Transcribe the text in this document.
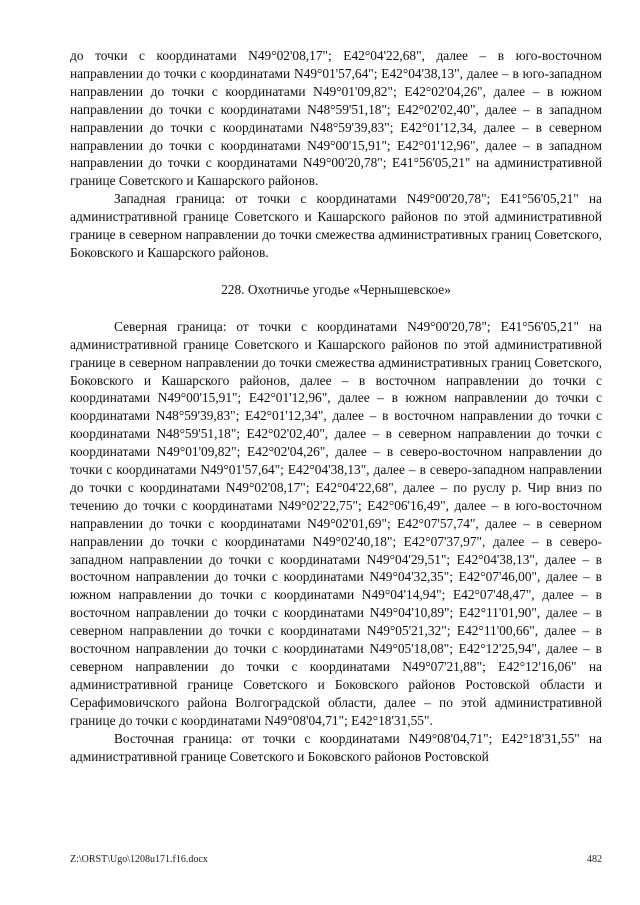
до точки с координатами N49°02'08,17"; E42°04'22,68", далее – в юго-восточном направлении до точки с координатами N49°01'57,64"; E42°04'38,13", далее – в юго-западном направлении до точки с координатами N49°01'09,82"; E42°02'04,26", далее – в южном направлении до точки с координатами N48°59'51,18"; E42°02'02,40", далее – в западном направлении до точки с координатами N48°59'39,83"; E42°01'12,34, далее – в северном направлении до точки с координатами N49°00'15,91"; E42°01'12,96", далее – в западном направлении до точки с координатами N49°00'20,78"; E41°56'05,21" на административной границе Советского и Кашарского районов.

Западная граница: от точки с координатами N49°00'20,78"; E41°56'05,21" на административной границе Советского и Кашарского районов по этой административной границе в северном направлении до точки смежества административных границ Советского, Боковского и Кашарского районов.

228. Охотничье угодье «Чернышевское»

Северная граница: от точки с координатами N49°00'20,78"; E41°56'05,21" на административной границе Советского и Кашарского районов по этой административной границе в северном направлении до точки смежества административных границ Советского, Боковского и Кашарского районов, далее – в восточном направлении до точки с координатами N49°00'15,91"; E42°01'12,96", далее – в южном направлении до точки с координатами N48°59'39,83"; E42°01'12,34", далее – в восточном направлении до точки с координатами N48°59'51,18"; E42°02'02,40", далее – в северном направлении до точки с координатами N49°01'09,82"; E42°02'04,26", далее – в северо-восточном направлении до точки с координатами N49°01'57,64"; E42°04'38,13", далее – в северо-западном направлении до точки с координатами N49°02'08,17"; E42°04'22,68", далее – по руслу р. Чир вниз по течению до точки с координатами N49°02'22,75"; E42°06'16,49", далее – в юго-восточном направлении до точки с координатами N49°02'01,69"; E42°07'57,74", далее – в северном направлении до точки с координатами N49°02'40,18"; E42°07'37,97", далее – в северо-западном направлении до точки с координатами N49°04'29,51"; E42°04'38,13", далее – в восточном направлении до точки с координатами N49°04'32,35"; E42°07'46,00", далее – в южном направлении до точки с координатами N49°04'14,94"; E42°07'48,47", далее – в восточном направлении до точки с координатами N49°04'10,89"; E42°11'01,90", далее – в северном направлении до точки с координатами N49°05'21,32"; E42°11'00,66", далее – в восточном направлении до точки с координатами N49°05'18,08"; E42°12'25,94", далее – в северном направлении до точки с координатами N49°07'21,88"; E42°12'16,06" на административной границе Советского и Боковского районов Ростовской области и Серафимовичского района Волгоградской области, далее – по этой административной границе до точки с координатами N49°08'04,71"; E42°18'31,55".

Восточная граница: от точки с координатами N49°08'04,71"; E42°18'31,55" на административной границе Советского и Боковского районов Ростовской

Z:\ORST\Ugo\1208u171.f16.docx	482
